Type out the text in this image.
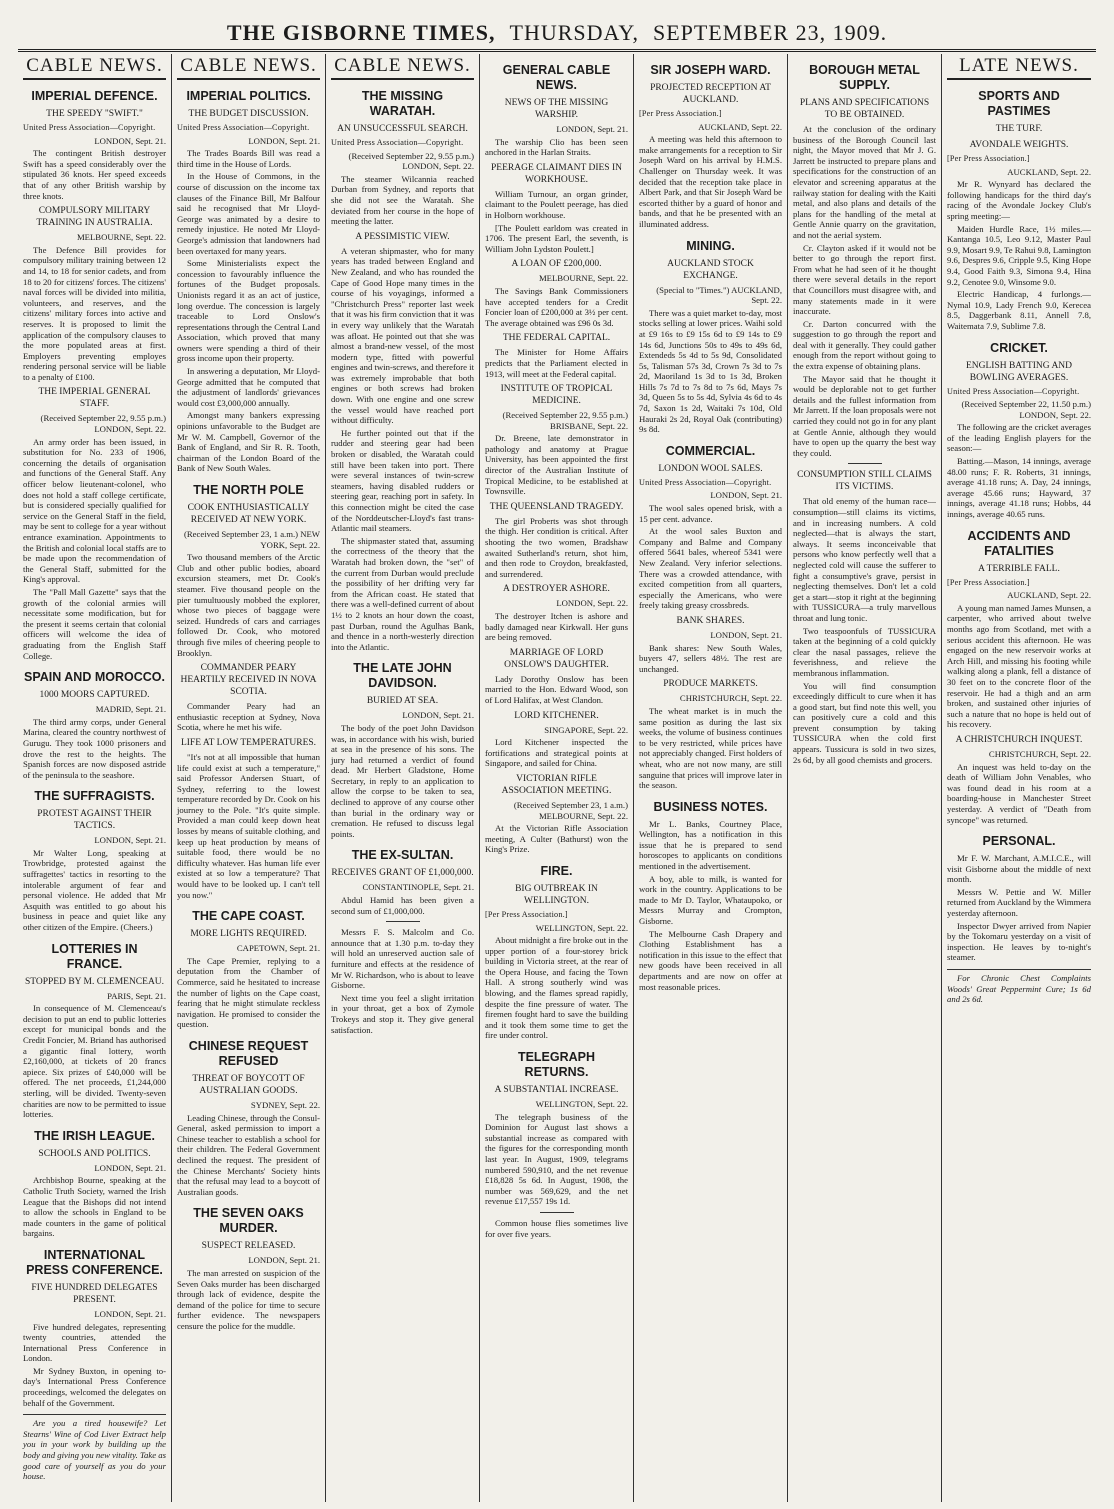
THE GISBORNE TIMES, THURSDAY, SEPTEMBER 23, 1909.
CABLE NEWS.
IMPERIAL DEFENCE.
THE SPEEDY "SWIFT."
United Press Association—Copyright.
LONDON, Sept. 21.

The contingent British destroyer Swift has a speed considerably over the stipulated 36 knots. Her speed exceeds that of any other British warship by three knots.

COMPULSORY MILITARY TRAINING IN AUSTRALIA.
MELBOURNE, Sept. 22.

The Defence Bill provides for compulsory military training between 12 and 14, to 18 for senior cadets, and from 18 to 20 for citizens' forces. The citizens' naval forces will be divided into militia, volunteers, and reserves, and the citizens' military forces into active and reserves. It is proposed to limit the application of the compulsory clauses to the more populated areas at first. Employers preventing employes rendering personal service will be liable to a penalty of £100.

THE IMPERIAL GENERAL STAFF.
(Received September 22, 9.55 p.m.) LONDON, Sept. 22.

An army order has been issued, in substitution for No. 233 of 1906, concerning the details of organisation and functions of the General Staff. Any officer below lieutenant-colonel, who does not hold a staff college certificate, but is considered specially qualified for service on the General Staff in the field, may be sent to college for a year without entrance examination. Appointments to the British and colonial local staffs are to be made upon the recommendation of the General Staff, submitted for the King's approval.

The "Pall Mall Gazette" says that the growth of the colonial armies will necessitate some modification, but for the present it seems certain that colonial officers will welcome the idea of graduating from the English Staff College.

SPAIN AND MOROCCO.
1000 MOORS CAPTURED.
MADRID, Sept. 21.

The third army corps, under General Marina, cleared the country northwest of Gurugu. They took 1000 prisoners and drove the rest to the heights. The Spanish forces are now disposed astride of the peninsula to the seashore.

THE SUFFRAGISTS.
PROTEST AGAINST THEIR TACTICS.
LONDON, Sept. 21.

Mr Walter Long, speaking at Trowbridge, protested against the suffragettes' tactics in resorting to the intolerable argument of fear and personal violence. He added that Mr Asquith was entitled to go about his business in peace and quiet like any other citizen of the Empire. (Cheers.)

LOTTERIES IN FRANCE.
STOPPED BY M. CLEMENCEAU.
PARIS, Sept. 21.

In consequence of M. Clemenceau's decision to put an end to public lotteries except for municipal bonds and the Credit Foncier, M. Briand has authorised a gigantic final lottery, worth £2,160,000, at tickets of 20 francs apiece. Six prizes of £40,000 will be offered. The net proceeds, £1,244,000 sterling, will be divided. Twenty-seven charities are now to be permitted to issue lotteries.

THE IRISH LEAGUE.
SCHOOLS AND POLITICS.
LONDON, Sept. 21.

Archbishop Bourne, speaking at the Catholic Truth Society, warned the Irish League that the Bishops did not intend to allow the schools in England to be made counters in the game of political bargains.

INTERNATIONAL PRESS CONFERENCE.
FIVE HUNDRED DELEGATES PRESENT.
LONDON, Sept. 21.

Five hundred delegates, representing twenty countries, attended the International Press Conference in London.

Mr Sydney Buxton, in opening to-day's International Press Conference proceedings, welcomed the delegates on behalf of the Government.

Are you a tired housewife? Let Stearns' Wine of Cod Liver Extract help you in your work by building up the body and giving you new vitality. Take as good care of yourself as you do your house.

CABLE NEWS.
IMPERIAL POLITICS.
THE BUDGET DISCUSSION.
United Press Association—Copyright.
LONDON, Sept. 21.

The Trades Boards Bill was read a third time in the House of Lords.

In the House of Commons, in the course of discussion on the income tax clauses of the Finance Bill, Mr Balfour said he recognised that Mr Lloyd-George was animated by a desire to remedy injustice. He noted Mr Lloyd-George's admission that landowners had been overtaxed for many years.

Some Ministerialists expect the concession to favourably influence the fortunes of the Budget proposals. Unionists regard it as an act of justice, long overdue. The concession is largely traceable to Lord Onslow's representations through the Central Land Association, which proved that many owners were spending a third of their gross income upon their property.

In answering a deputation, Mr Lloyd-George admitted that he computed that the adjustment of landlords' grievances would cost £3,000,000 annually.

Amongst many bankers expressing opinions unfavorable to the Budget are Mr W. M. Campbell, Governor of the Bank of England, and Sir R. R. Tooth, chairman of the London Board of the Bank of New South Wales.

THE NORTH POLE
COOK ENTHUSIASTICALLY RECEIVED AT NEW YORK.
(Received September 23, 1 a.m.) NEW YORK, Sept. 22.

Two thousand members of the Arctic Club and other public bodies, aboard excursion steamers, met Dr. Cook's steamer. Five thousand people on the pier tumultuously mobbed the explorer, whose two pieces of baggage were seized. Hundreds of cars and carriages followed Dr. Cook, who motored through five miles of cheering people to Brooklyn.

COMMANDER PEARY HEARTILY RECEIVED IN NOVA SCOTIA.

Commander Peary had an enthusiastic reception at Sydney, Nova Scotia, where he met his wife.

LIFE AT LOW TEMPERATURES.

"It's not at all impossible that human life could exist at such a temperature," said Professor Andersen Stuart, of Sydney, referring to the lowest temperature recorded by Dr. Cook on his journey to the Pole. "It's quite simple. Provided a man could keep down heat losses by means of suitable clothing, and keep up heat production by means of suitable food, there would be no difficulty whatever. Has human life ever existed at so low a temperature? That would have to be looked up. I can't tell you now."

THE CAPE COAST.
MORE LIGHTS REQUIRED.
CAPETOWN, Sept. 21.

The Cape Premier, replying to a deputation from the Chamber of Commerce, said he hesitated to increase the number of lights on the Cape coast, fearing that he might stimulate reckless navigation. He promised to consider the question.

CHINESE REQUEST REFUSED
THREAT OF BOYCOTT OF AUSTRALIAN GOODS.
SYDNEY, Sept. 22.

Leading Chinese, through the Consul-General, asked permission to import a Chinese teacher to establish a school for their children. The Federal Government declined the request. The president of the Chinese Merchants' Society hints that the refusal may lead to a boycott of Australian goods.

THE SEVEN OAKS MURDER.
SUSPECT RELEASED.
LONDON, Sept. 21.

The man arrested on suspicion of the Seven Oaks murder has been discharged through lack of evidence, despite the demand of the police for time to secure further evidence. The newspapers censure the police for the muddle.

CABLE NEWS.
THE MISSING WARATAH.
AN UNSUCCESSFUL SEARCH.
United Press Association—Copyright.
(Received September 22, 9.55 p.m.) LONDON, Sept. 22.

The steamer Wilcannia reached Durban from Sydney, and reports that she did not see the Waratah. She deviated from her course in the hope of meeting the latter.

A PESSIMISTIC VIEW.

A veteran shipmaster, who for many years has traded between England and New Zealand, and who has rounded the Cape of Good Hope many times in the course of his voyagings, informed a "Christchurch Press" reporter last week that it was his firm conviction that it was in every way unlikely that the Waratah was afloat. He pointed out that she was almost a brand-new vessel, of the most modern type, fitted with powerful engines and twin-screws, and therefore it was extremely improbable that both engines or both screws had broken down. With one engine and one screw the vessel would have reached port without difficulty.

He further pointed out that if the rudder and steering gear had been broken or disabled, the Waratah could still have been taken into port. There were several instances of twin-screw steamers, having disabled rudders or steering gear, reaching port in safety. In this connection might be cited the case of the Norddeutscher-Lloyd's fast trans-Atlantic mail steamers.

The shipmaster stated that, assuming the correctness of the theory that the Waratah had broken down, the "set" of the current from Durban would preclude the possibility of her drifting very far from the African coast. He stated that there was a well-defined current of about 1½ to 2 knots an hour down the coast, past Durban, round the Agulhas Bank, and thence in a north-westerly direction into the Atlantic.

THE LATE JOHN DAVIDSON.
BURIED AT SEA.
LONDON, Sept. 21.

The body of the poet John Davidson was, in accordance with his wish, buried at sea in the presence of his sons. The jury had returned a verdict of found dead. Mr Herbert Gladstone, Home Secretary, in reply to an application to allow the corpse to be taken to sea, declined to approve of any course other than burial in the ordinary way or cremation. He refused to discuss legal points.

THE EX-SULTAN.
RECEIVES GRANT OF £1,000,000.
CONSTANTINOPLE, Sept. 21.

Abdul Hamid has been given a second sum of £1,000,000.

Messrs F. S. Malcolm and Co. announce that at 1.30 p.m. to-day they will hold an unreserved auction sale of furniture and effects at the residence of Mr W. Richardson, who is about to leave Gisborne.

Next time you feel a slight irritation in your throat, get a box of Zymole Trokeys and stop it. They give general satisfaction.

GENERAL CABLE NEWS.
NEWS OF THE MISSING WARSHIP.
LONDON, Sept. 21.

The warship Clio has been seen anchored in the Harlan Straits.

PEERAGE CLAIMANT DIES IN WORKHOUSE.

William Turnour, an organ grinder, claimant to the Poulett peerage, has died in Holborn workhouse.

[The Poulett earldom was created in 1706. The present Earl, the seventh, is William John Lydston Poulett.]

A LOAN OF £200,000.
MELBOURNE, Sept. 22.

The Savings Bank Commissioners have accepted tenders for a Credit Foncier loan of £200,000 at 3½ per cent. The average obtained was £96 0s 3d.

THE FEDERAL CAPITAL.

The Minister for Home Affairs predicts that the Parliament elected in 1913, will meet at the Federal capital.

INSTITUTE OF TROPICAL MEDICINE.
(Received September 22, 9.55 p.m.) BRISBANE, Sept. 22.

Dr. Breene, late demonstrator in pathology and anatomy at Prague University, has been appointed the first director of the Australian Institute of Tropical Medicine, to be established at Townsville.

THE QUEENSLAND TRAGEDY.

The girl Proberts was shot through the thigh. Her condition is critical. After shooting the two women, Bradshaw awaited Sutherland's return, shot him, and then rode to Croydon, breakfasted, and surrendered.

A DESTROYER ASHORE.
LONDON, Sept. 22.

The destroyer Itchen is ashore and badly damaged near Kirkwall. Her guns are being removed.

MARRIAGE OF LORD ONSLOW'S DAUGHTER.

Lady Dorothy Onslow has been married to the Hon. Edward Wood, son of Lord Halifax, at West Clandon.

LORD KITCHENER.
SINGAPORE, Sept. 22.

Lord Kitchener inspected the fortifications and strategical points at Singapore, and sailed for China.

VICTORIAN RIFLE ASSOCIATION MEETING.
(Received September 23, 1 a.m.) MELBOURNE, Sept. 22.

At the Victorian Rifle Association meeting, A Culter (Bathurst) won the King's Prize.

FIRE.
BIG OUTBREAK IN WELLINGTON.
[Per Press Association.]
WELLINGTON, Sept. 22.

About midnight a fire broke out in the upper portion of a four-storey brick building in Victoria street, at the rear of the Opera House, and facing the Town Hall. A strong southerly wind was blowing, and the flames spread rapidly, despite the fine pressure of water. The firemen fought hard to save the building and it took them some time to get the fire under control.

TELEGRAPH RETURNS.
A SUBSTANTIAL INCREASE.
WELLINGTON, Sept. 22.

The telegraph business of the Dominion for August last shows a substantial increase as compared with the figures for the corresponding month last year. In August, 1909, telegrams numbered 590,910, and the net revenue £18,828 5s 6d. In August, 1908, the number was 569,629, and the net revenue £17,557 19s 1d.

Common house flies sometimes live for over five years.

SIR JOSEPH WARD.
PROJECTED RECEPTION AT AUCKLAND.
[Per Press Association.]
AUCKLAND, Sept. 22.

A meeting was held this afternoon to make arrangements for a reception to Sir Joseph Ward on his arrival by H.M.S. Challenger on Thursday week. It was decided that the reception take place in Albert Park, and that Sir Joseph Ward be escorted thither by a guard of honor and bands, and that he be presented with an illuminated address.

MINING.
AUCKLAND STOCK EXCHANGE.
(Special to "Times.") AUCKLAND, Sept. 22.

There was a quiet market to-day, most stocks selling at lower prices. Waihi sold at £9 16s to £9 15s 6d to £9 14s to £9 14s 6d, Junctions 50s to 49s to 49s 6d, Extendeds 5s 4d to 5s 9d, Consolidated 5s, Talisman 57s 3d, Crown 7s 3d to 7s 2d, Maoriland 1s 3d to 1s 3d, Broken Hills 7s 7d to 7s 8d to 7s 6d, Mays 7s 3d, Queen 5s to 5s 4d, Sylvia 4s 6d to 4s 7d, Saxon 1s 2d, Waitaki 7s 10d, Old Hauraki 2s 2d, Royal Oak (contributing) 9s 8d.

COMMERCIAL.
LONDON WOOL SALES.
United Press Association—Copyright.
LONDON, Sept. 21.

The wool sales opened brisk, with a 15 per cent. advance.

At the wool sales Buxton and Company and Balme and Company offered 5641 bales, whereof 5341 were New Zealand. Very inferior selections. There was a crowded attendance, with excited competition from all quarters, especially the Americans, who were freely taking greasy crossbreds.

BANK SHARES.
LONDON, Sept. 21.

Bank shares: New South Wales, buyers 47, sellers 48½. The rest are unchanged.

PRODUCE MARKETS.
CHRISTCHURCH, Sept. 22.

The wheat market is in much the same position as during the last six weeks, the volume of business continues to be very restricted, while prices have not appreciably changed. First holders of wheat, who are not now many, are still sanguine that prices will improve later in the season.

BUSINESS NOTES.

Mr L. Banks, Courtney Place, Wellington, has a notification in this issue that he is prepared to send horoscopes to applicants on conditions mentioned in the advertisement.

A boy, able to milk, is wanted for work in the country. Applications to be made to Mr D. Taylor, Whataupoko, or Messrs Murray and Crompton, Gisborne.

The Melbourne Cash Drapery and Clothing Establishment has a notification in this issue to the effect that new goods have been received in all departments and are now on offer at most reasonable prices.

BOROUGH METAL SUPPLY.
PLANS AND SPECIFICATIONS TO BE OBTAINED.

At the conclusion of the ordinary business of the Borough Council last night, the Mayor moved that Mr J. G. Jarrett be instructed to prepare plans and specifications for the construction of an elevator and screening apparatus at the railway station for dealing with the Kaiti metal, and also plans and details of the plans for the handling of the metal at Gentle Annie quarry on the gravitation, and not the aerial system.

Cr. Clayton asked if it would not be better to go through the report first. From what he had seen of it he thought there were several details in the report that Councillors must disagree with, and many statements made in it were inaccurate.

Cr. Darton concurred with the suggestion to go through the report and deal with it generally. They could gather enough from the report without going to the extra expense of obtaining plans.

The Mayor said that he thought it would be deplorable not to get further details and the fullest information from Mr Jarrett. If the loan proposals were not carried they could not go in for any plant at Gentle Annie, although they would have to open up the quarry the best way they could.

CONSUMPTION STILL CLAIMS ITS VICTIMS.

That old enemy of the human race—consumption—still claims its victims, and in increasing numbers. A cold neglected—that is always the start, always. It seems inconceivable that persons who know perfectly well that a neglected cold will cause the sufferer to fight a consumptive's grave, persist in neglecting themselves. Don't let a cold get a start—stop it right at the beginning with TUSSICURA—a truly marvellous throat and lung tonic.

Two teaspoonfuls of TUSSICURA taken at the beginning of a cold quickly clear the nasal passages, relieve the feverishness, and relieve the membranous inflammation.

You will find consumption exceedingly difficult to cure when it has a good start, but find note this well, you can positively cure a cold and this prevent consumption by taking TUSSICURA when the cold first appears. Tussicura is sold in two sizes, 2s 6d, by all good chemists and grocers.

LATE NEWS.
SPORTS AND PASTIMES
THE TURF.
AVONDALE WEIGHTS.
[Per Press Association.]
AUCKLAND, Sept. 22.

Mr R. Wynyard has declared the following handicaps for the third day's racing of the Avondale Jockey Club's spring meeting:—

Maiden Hurdle Race, 1½ miles.—Kantanga 10.5, Leo 9.12, Master Paul 9.9, Mosart 9.9, Te Rahui 9.8, Lamington 9.6, Despres 9.6, Cripple 9.5, King Hope 9.4, Good Faith 9.3, Simona 9.4, Hina 9.2, Cenotee 9.0, Winsome 9.0.

Electric Handicap, 4 furlongs.—Nymal 10.9, Lady French 9.0, Kerecea 8.5, Daggerbank 8.11, Annell 7.8, Waitemata 7.9, Sublime 7.8.

CRICKET.
ENGLISH BATTING AND BOWLING AVERAGES.
United Press Association—Copyright.
(Received September 22, 11.50 p.m.) LONDON, Sept. 22.

The following are the cricket averages of the leading English players for the season:—

Batting.—Mason, 14 innings, average 48.00 runs; F. R. Roberts, 31 innings, average 41.18 runs; A. Day, 24 innings, average 45.66 runs; Hayward, 37 innings, average 41.18 runs; Hobbs, 44 innings, average 40.65 runs.

ACCIDENTS AND FATALITIES
A TERRIBLE FALL.
[Per Press Association.]
AUCKLAND, Sept. 22.

A young man named James Munsen, a carpenter, who arrived about twelve months ago from Scotland, met with a serious accident this afternoon. He was engaged on the new reservoir works at Arch Hill, and missing his footing while walking along a plank, fell a distance of 30 feet on to the concrete floor of the reservoir. He had a thigh and an arm broken, and sustained other injuries of such a nature that no hope is held out of his recovery.

A CHRISTCHURCH INQUEST.
CHRISTCHURCH, Sept. 22.

An inquest was held to-day on the death of William John Venables, who was found dead in his room at a boarding-house in Manchester Street yesterday. A verdict of "Death from syncope" was returned.

PERSONAL.

Mr F. W. Marchant, A.M.I.C.E., will visit Gisborne about the middle of next month.

Messrs W. Pettie and W. Miller returned from Auckland by the Wimmera yesterday afternoon.

Inspector Dwyer arrived from Napier by the Tokomaru yesterday on a visit of inspection. He leaves by to-night's steamer.

For Chronic Chest Complaints Woods' Great Peppermint Cure; 1s 6d and 2s 6d.
